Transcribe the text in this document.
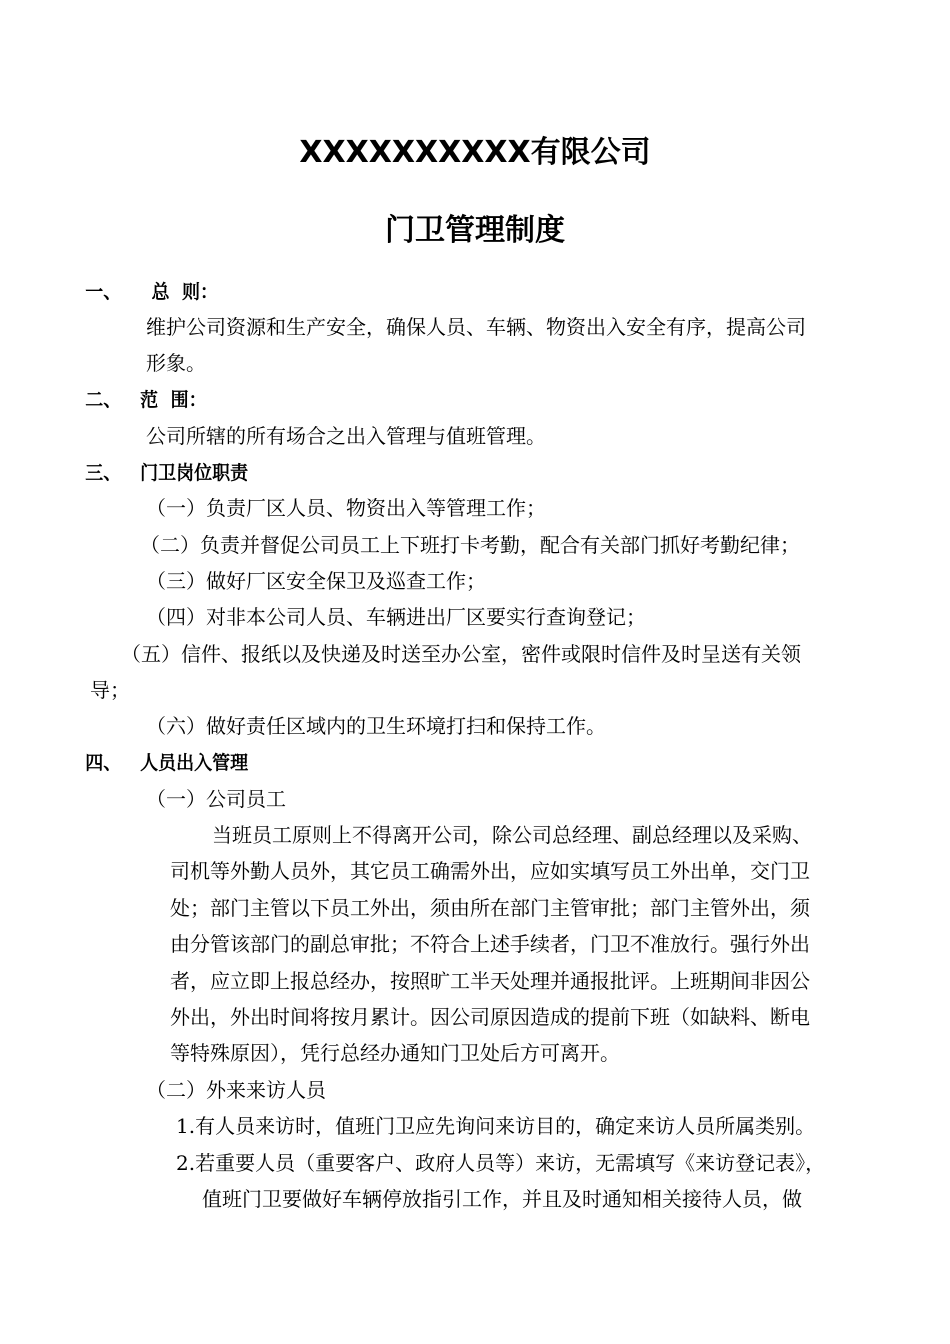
XXXXXXXXXX有限公司
门卫管理制度
一、 总  则：
维护公司资源和生产安全，确保人员、车辆、物资出入安全有序，提高公司
形象。
二、 范  围：
公司所辖的所有场合之出入管理与值班管理。
三、 门卫岗位职责
（一）负责厂区人员、物资出入等管理工作；
（二）负责并督促公司员工上下班打卡考勤，配合有关部门抓好考勤纪律；
（三）做好厂区安全保卫及巡查工作；
（四）对非本公司人员、车辆进出厂区要实行查询登记；
（五）信件、报纸以及快递及时送至办公室，密件或限时信件及时呈送有关领
导；
（六）做好责任区域内的卫生环境打扫和保持工作。
四、 人员出入管理
（一）公司员工
当班员工原则上不得离开公司，除公司总经理、副总经理以及采购、
司机等外勤人员外，其它员工确需外出，应如实填写员工外出单，交门卫
处；部门主管以下员工外出，须由所在部门主管审批；部门主管外出，须
由分管该部门的副总审批；不符合上述手续者，门卫不准放行。强行外出
者，应立即上报总经办，按照旷工半天处理并通报批评。上班期间非因公
外出，外出时间将按月累计。因公司原因造成的提前下班（如缺料、断电
等特殊原因），凭行总经办通知门卫处后方可离开。
（二）外来来访人员
1.有人员来访时，值班门卫应先询问来访目的，确定来访人员所属类别。
2.若重要人员（重要客户、政府人员等）来访，无需填写《来访登记表》，
值班门卫要做好车辆停放指引工作，并且及时通知相关接待人员，做
